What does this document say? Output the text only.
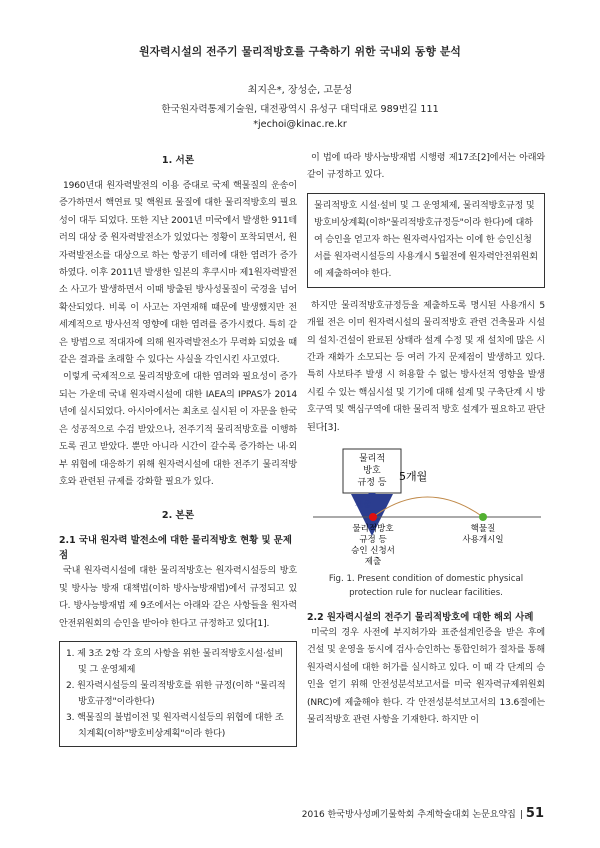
원자력시설의 전주기 물리적방호를 구축하기 위한 국내외 동향 분석
최지은*, 장성순, 고문성
한국원자력통제기술원, 대전광역시 유성구 대덕대로 989번길 111
*jechoi@kinac.re.kr
1. 서론

1960년대 원자력발전의 이용 증대로 국제 핵물질의 운송이 증가하면서 핵연료 및 핵원료 물질에 대한 물리적방호의 필요성이 대두 되었다. 또한 지난 2001년 미국에서 발생한 911테러의 대상 중 원자력발전소가 있었다는 정황이 포착되면서, 원자력발전소를 대상으로 하는 항공기 테러에 대한 염려가 증가하였다. 이후 2011년 발생한 일본의 후쿠시마 제1원자력발전소 사고가 발생하면서 이때 방출된 방사성물질이 국경을 넘어 확산되었다. 비록 이 사고는 자연재해 때문에 발생했지만 전 세계적으로 방사선적 영향에 대한 염려를 증가시켰다. 특히 같은 방법으로 적대자에 의해 원자력발전소가 무력화 되었을 때 같은 결과를 초래할 수 있다는 사실을 각인시킨 사고였다.

이렇게 국제적으로 물리적방호에 대한 염려와 필요성이 증가되는 가운데 국내 원자력시설에 대한 IAEA의 IPPAS가 2014년에 실시되었다. 아시아에서는 최초로 실시된 이 자문을 한국은 성공적으로 수검 받았으나, 전주기적 물리적방호를 이행하도록 권고 받았다. 뿐만 아니라 시간이 갈수록 증가하는 내·외부 위협에 대응하기 위해 원자력시설에 대한 전주기 물리적방호와 관련된 규제를 강화할 필요가 있다.

2. 본론
2.1 국내 원자력 발전소에 대한 물리적방호 현황 및 문제점

국내 원자력시설에 대한 물리적방호는 원자력시설등의 방호 및 방사능 방재 대책법(이하 방사능방재법)에서 규정되고 있다. 방사능방재법 제 9조에서는 아래와 같은 사항들을 원자력안전위원회의 승인을 받아야 한다고 규정하고 있다[1].

1. 제 3조 2항 각 호의 사항을 위한 물리적방호시설·설비 및 그 운영체제
2. 원자력시설등의 물리적방호를 위한 규정(이하 "물리적방호규정"이라한다)
3. 핵물질의 불법이전 및 원자력시설등의 위협에 대한 조치계획(이하"방호비상계획"이라 한다)

이 법에 따라 방사능방재법 시행령 제17조[2]에서는 아래와 같이 규정하고 있다.

물리적방호 시설·설비 및 그 운영체제, 물리적방호규정 및 방호비상계획(이하"물리적방호규정등"이라 한다)에 대하여 승인을 얻고자 하는 원자력사업자는 이에 한 승인신청서를 원자력시설등의 사용개시 5월전에 원자력안전위원회에 제출하여야 한다.

하지만 물리적방호규정등을 제출하도록 명시된 사용개시 5개월 전은 이미 원자력시설의 물리적방호 관련 건축물과 시설의 설치·건설이 완료된 상태라 설계 수정 및 재 설치에 많은 시간과 재화가 소모되는 등 여러 가지 문제점이 발생하고 있다. 특히 사보타주 발생 시 허용할 수 없는 방사선적 영향을 발생시킬 수 있는 핵심시설 및 기기에 대해 설계 및 구축단계 시 방호구역 및 핵심구역에 대한 물리적 방호 설계가 필요하고 판단된다[3].

물리적
방호
규정 등
제출
5개월
물리적방호
규정 등
승인 신청서
제출
핵물질
사용개시일
Fig. 1. Present condition of domestic physical protection rule for nuclear facilities.
2.2 원자력시설의 전주기 물리적방호에 대한 해외 사례

미국의 경우 사전에 부지허가와 표준설계인증을 받은 후에 건설 및 운영을 동시에 검사·승인하는 통합인허가 절차를 통해 원자력시설에 대한 허가를 실시하고 있다. 이 때 각 단계의 승인을 얻기 위해 안전성분석보고서를 미국 원자력규제위원회(NRC)에 제출해야 한다. 각 안전성분석보고서의 13.6절에는 물리적방호 관련 사항을 기재한다. 하지만 이

2016 한국방사성폐기물학회 추계학술대회 논문요약집 | 51
